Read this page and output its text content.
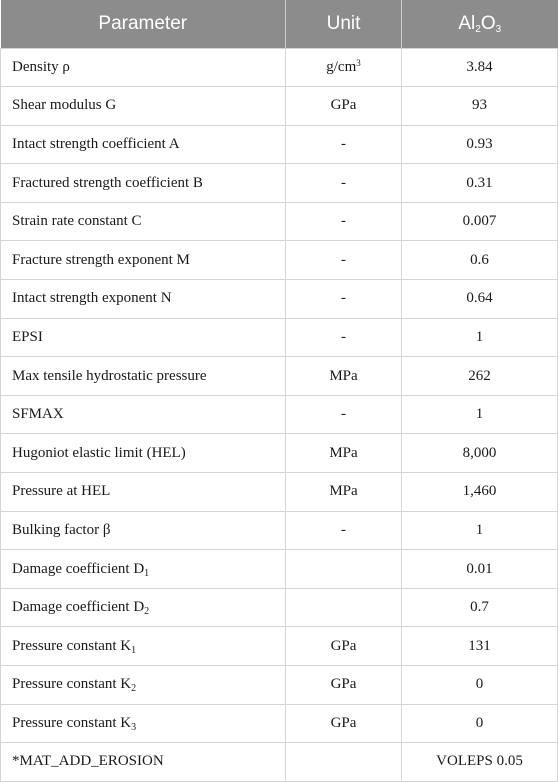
Parameter	Unit	$Al_2O_3$
Density ρ	$g/cm^3$	3.84
Shear modulus G	GPa	93
Intact strength coefficient A	-	0.93
Fractured strength coefficient B	-	0.31
Strain rate constant C	-	0.007
Fracture strength exponent M	-	0.6
Intact strength exponent N	-	0.64
EPSI	-	1
Max tensile hydrostatic pressure	MPa	262
SFMAX	-	1
Hugoniot elastic limit (HEL)	MPa	8,000
Pressure at HEL	MPa	1,460
Bulking factor β	-	1
Damage coefficient $D_1$		0.01
Damage coefficient $D_2$		0.7
Pressure constant $K_1$	GPa	131
Pressure constant $K_2$	GPa	0
Pressure constant $K_3$	GPa	0
*MAT_ADD_EROSION		VOLEPS 0.05
